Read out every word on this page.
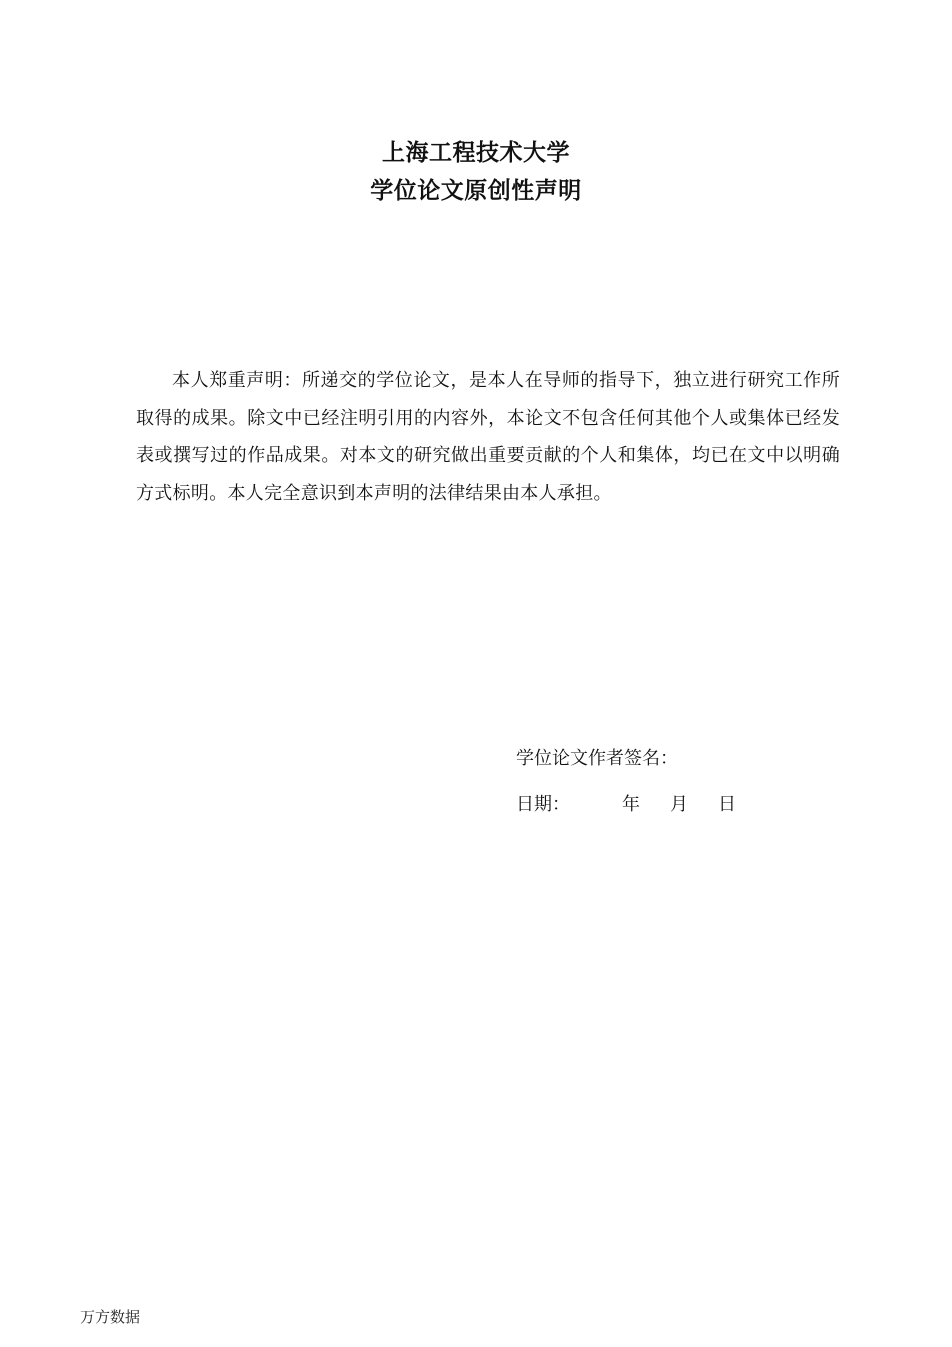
上海工程技术大学
学位论文原创性声明
本人郑重声明：所递交的学位论文，是本人在导师的指导下，独立进行研究工作所取得的成果。除文中已经注明引用的内容外，本论文不包含任何其他个人或集体已经发表或撰写过的作品成果。对本文的研究做出重要贡献的个人和集体，均已在文中以明确方式标明。本人完全意识到本声明的法律结果由本人承担。
学位论文作者签名：
日期：	年	月	日
万方数据
